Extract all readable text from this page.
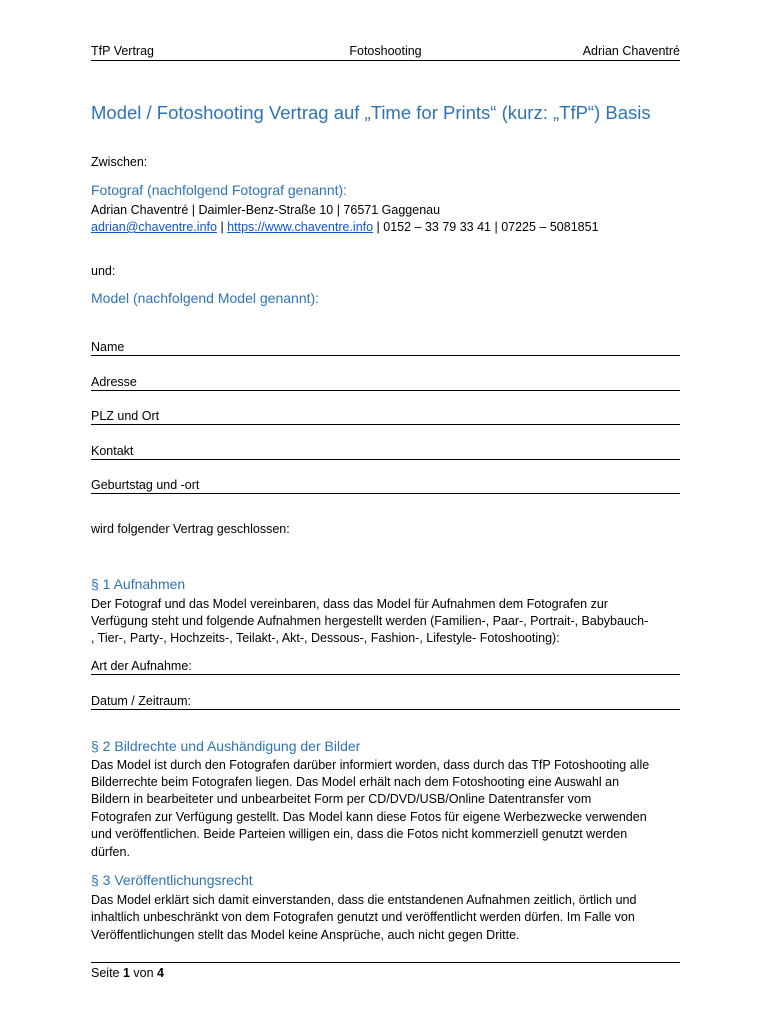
TfP Vertrag	Fotoshooting	Adrian Chaventré
Model / Fotoshooting Vertrag auf „Time for Prints“ (kurz: „TfP“) Basis
Zwischen:
Fotograf (nachfolgend Fotograf genannt):
Adrian Chaventré | Daimler-Benz-Straße 10 | 76571 Gaggenau
adrian@chaventre.info | https://www.chaventre.info | 0152 – 33 79 33 41 | 07225 – 5081851
und:
Model (nachfolgend Model genannt):
Name
Adresse
PLZ und Ort
Kontakt
Geburtstag und -ort
wird folgender Vertrag geschlossen:
§ 1 Aufnahmen
Der Fotograf und das Model vereinbaren, dass das Model für Aufnahmen dem Fotografen zur
Verfügung steht und folgende Aufnahmen hergestellt werden (Familien-, Paar-, Portrait-, Babybauch-
, Tier-, Party-, Hochzeits-, Teilakt-, Akt-, Dessous-, Fashion-, Lifestyle- Fotoshooting):
Art der Aufnahme:
Datum / Zeitraum:
§ 2 Bildrechte und Aushändigung der Bilder
Das Model ist durch den Fotografen darüber informiert worden, dass durch das TfP Fotoshooting alle
Bilderrechte beim Fotografen liegen. Das Model erhält nach dem Fotoshooting eine Auswahl an
Bildern in bearbeiteter und unbearbeitet Form per CD/DVD/USB/Online Datentransfer vom
Fotografen zur Verfügung gestellt. Das Model kann diese Fotos für eigene Werbezwecke verwenden
und veröffentlichen. Beide Parteien willigen ein, dass die Fotos nicht kommerziell genutzt werden
dürfen.
§ 3 Veröffentlichungsrecht
Das Model erklärt sich damit einverstanden, dass die entstandenen Aufnahmen zeitlich, örtlich und
inhaltlich unbeschränkt von dem Fotografen genutzt und veröffentlicht werden dürfen. Im Falle von
Veröffentlichungen stellt das Model keine Ansprüche, auch nicht gegen Dritte.
Seite 1 von 4
